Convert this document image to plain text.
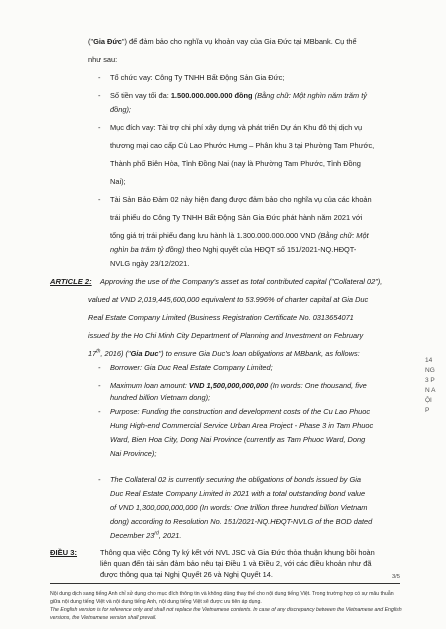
("Gia Đức") để đảm bảo cho nghĩa vụ khoản vay của Gia Đức tại MBbank. Cụ thể

như sau:

- Tổ chức vay: Công Ty TNHH Bất Động Sản Gia Đức;

- Số tiền vay tối đa: 1.500.000.000.000 đồng (Bằng chữ: Một nghìn năm trăm tỷ

đồng);

- Mục đích vay: Tài trợ chi phí xây dựng và phát triển Dự án Khu đô thị dịch vụ

thương mại cao cấp Cù Lao Phước Hưng – Phân khu 3 tại Phường Tam Phước,

Thành phố Biên Hòa, Tỉnh Đồng Nai (nay là Phường Tam Phước, Tỉnh Đồng

Nai);

- Tài Sản Bảo Đảm 02 này hiện đang được đảm bảo cho nghĩa vụ của các khoản

trái phiếu do Công Ty TNHH Bất Động Sản Gia Đức phát hành năm 2021 với

tổng giá trị trái phiếu đang lưu hành là 1.300.000.000.000 VND (Bằng chữ: Một

nghìn ba trăm tỷ đồng) theo Nghị quyết của HĐQT số 151/2021-NQ.HĐQT-

NVLG ngày 23/12/2021.

ARTICLE 2: Approving the use of the Company's asset as total contributed capital ("Collateral 02"),

valued at VND 2,019,445,600,000 equivalent to 53.996% of charter capital at Gia Duc

Real Estate Company Limited (Business Registration Certificate No. 0313654071

issued by the Ho Chi Minh City Department of Planning and Investment on February

17th, 2016) ("Gia Duc") to ensure Gia Duc's loan obligations at MBbank, as follows:

- Borrower: Gia Duc Real Estate Company Limited;

- Maximum loan amount: VND 1,500,000,000,000 (In words: One thousand, five

hundred billion Vietnam dong);

- Purpose: Funding the construction and development costs of the Cu Lao Phuoc

Hung High-end Commercial Service Urban Area Project - Phase 3 in Tam Phuoc

Ward, Bien Hoa City, Dong Nai Province (currently as Tam Phuoc Ward, Dong

Nai Province);

- The Collateral 02 is currently securing the obligations of bonds issued by Gia

Duc Real Estate Company Limited in 2021 with a total outstanding bond value

of VND 1,300,000,000,000 (In words: One trillion three hundred billion Vietnam

dong) according to Resolution No. 151/2021-NQ.HĐQT-NVLG of the BOD dated

December 23rd, 2021.

3/5

Nội dung dịch sang tiếng Anh chỉ sử dụng cho mục đích thông tin và không dùng thay thế cho nội dung tiếng Việt. Trong trường hợp có sự mâu thuẫn giữa nội dung tiếng Việt và nội dung tiếng Anh, nội dung tiếng Việt sẽ được ưu tiên áp dụng.

The English version is for reference only and shall not replace the Vietnamese contents. In case of any discrepancy between the Vietnamese and English versions, the Vietnamese version shall prevail.

14
NG
3 P
N A
ỘI
P
ĐIỀU 3:	Thông qua việc Công Ty ký kết với NVL JSC và Gia Đức thỏa thuận khung bồi hoàn

liên quan đến tài sản đảm bảo nêu tại Điều 1 và Điều 2, với các điều khoản như đã

được thông qua tại Nghị Quyết 26 và Nghị Quyết 14.
